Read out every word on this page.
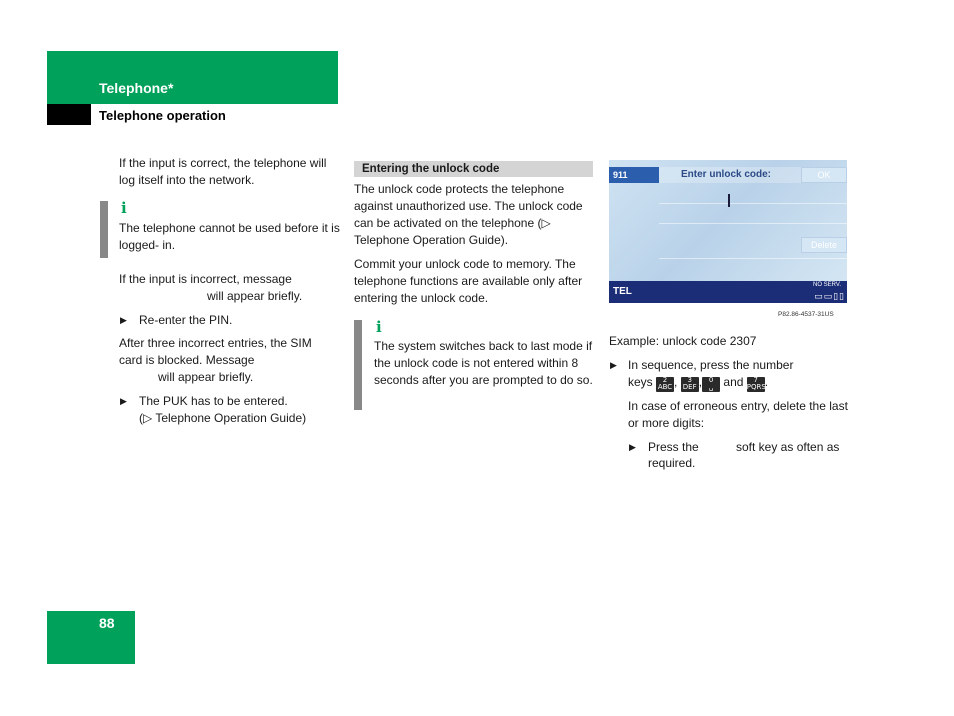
Telephone*
Telephone operation
If the input is correct, the telephone will log itself into the network.
i
The telephone cannot be used before it is logged- in.
If the input is incorrect, message
will appear briefly.
▶ Re-enter the PIN.
After three incorrect entries, the SIM
card is blocked. Message
will appear briefly.
▶ The PUK has to be entered.
(▷ Telephone Operation Guide)
Entering the unlock code
The unlock code protects the telephone against unauthorized use. The unlock code can be activated on the telephone (▷ Telephone Operation Guide).
Commit your unlock code to memory. The telephone functions are available only after entering the unlock code.
i
The system switches back to last mode if the unlock code is not entered within 8 seconds after you are prompted to do so.
911	Enter unlock code:	OK
Delete
TEL
NO SERV.
▭▭▯▯
P82.86-4537-31US
Example: unlock code 2307
▶ In sequence, press the number
keys	2
ABC , 3
DEF , 0
␣ and	7
PQRS
.
In case of erroneous entry, delete the last or more digits:
▶ Press the	soft key as often as
required.
88
